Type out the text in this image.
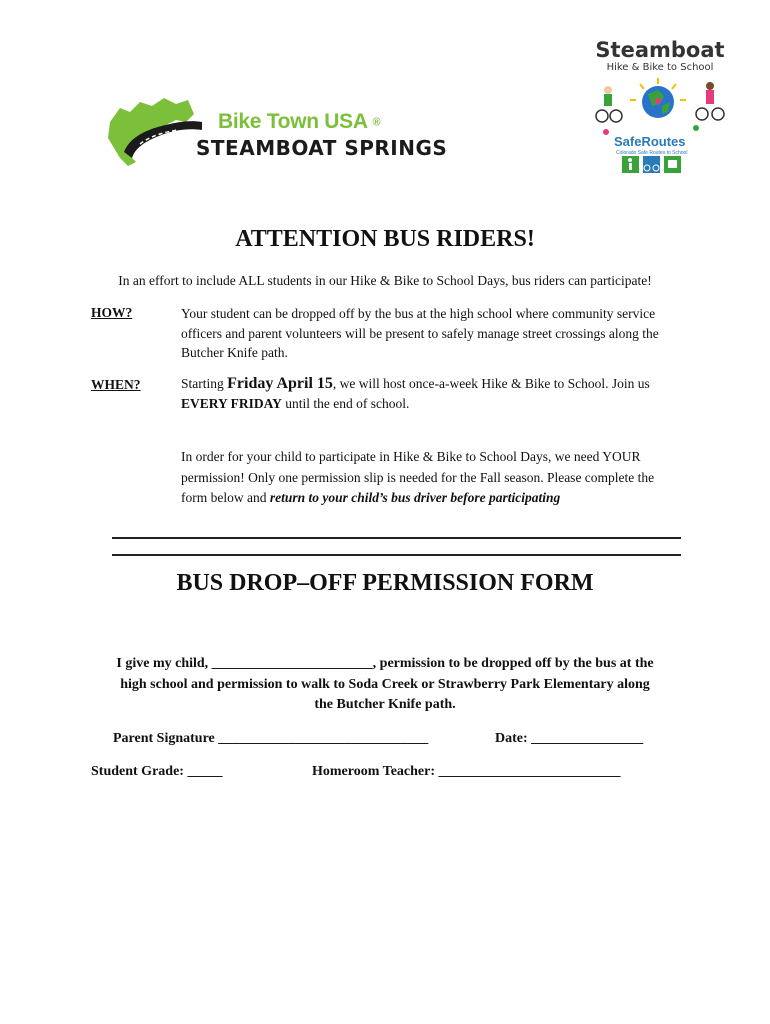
Bike Town USA ®
STEAMBOAT SPRINGS
Steamboat
Hike & Bike to School
SafeRoutes
Colorado Safe Routes to School
ATTENTION BUS RIDERS!
In an effort to include ALL students in our Hike & Bike to School Days, bus riders can participate!
HOW?	Your student can be dropped off by the bus at the high school where community service
officers and parent volunteers will be present to safely manage street crossings along the
Butcher Knife path.
WHEN?	Starting Friday April 15, we will host once-a-week Hike & Bike to School. Join us
EVERY FRIDAY until the end of school.
In order for your child to participate in Hike & Bike to School Days, we need YOUR
permission! Only one permission slip is needed for the Fall season. Please complete the
form below and return to your child’s bus driver before participating
BUS DROP–OFF PERMISSION FORM
I give my child, _______________________, permission to be dropped off by the bus at the
high school and permission to walk to Soda Creek or Strawberry Park Elementary along
the Butcher Knife path.
Parent Signature ______________________________	Date: ________________
Student Grade: _____	Homeroom Teacher: __________________________
